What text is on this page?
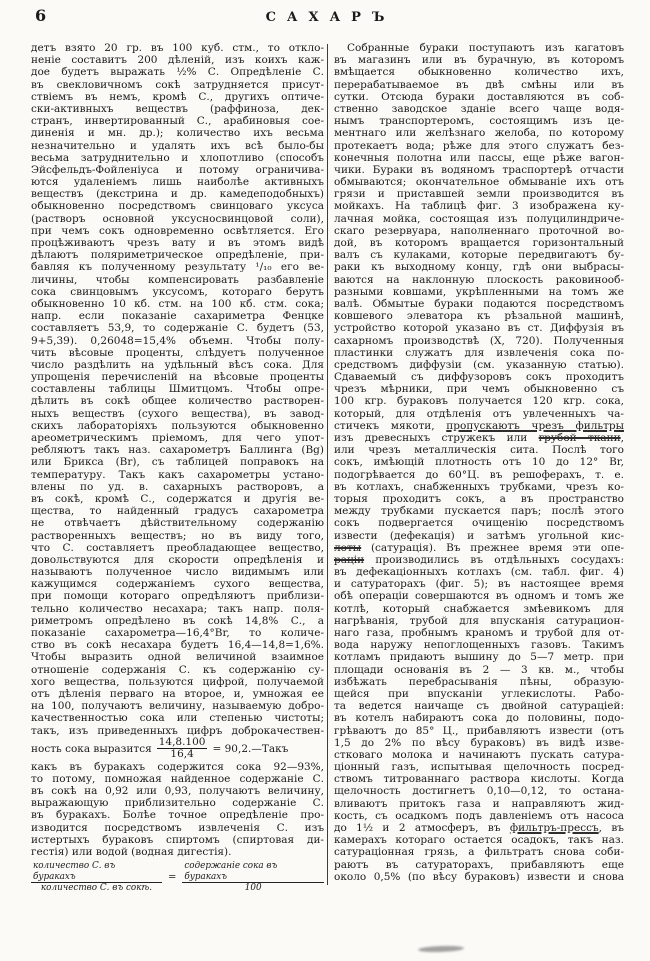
6	САХАРЪ
детъ взято 20 гр. въ 100 куб. стм., то откло-
неніе составитъ 200 дѣленій, изъ коихъ каж-
дое будетъ выражать ½% С. Опредѣленіе С.
въ свекловичномъ сокѣ затрудняется присут-
ствіемъ въ немъ, кромѣ С., другихъ оптиче-
ски-активныхъ веществъ (раффиноза, дек-
странъ, инвертированный С., арабиновыя сое-
диненія и мн. др.); количество ихъ весьма
незначительно и удалять ихъ всѣ было-бы
весьма затруднительно и хлопотливо (способъ
Эйсфельдъ-Фойленіуса и потому ограничива-
ются удаленіемъ лишь наиболѣе активныхъ
веществъ (декстрина и др. камедеподобныхъ)
обыкновенно посредствомъ свинцоваго уксуса
(растворъ основной уксусносвинцовой соли),
при чемъ сокъ одновременно освѣтляется. Его
процѣживаютъ чрезъ вату и въ этомъ видѣ
дѣлаютъ поляриметрическое опредѣленіе, при-
бавляя къ полученному результату ¹/₁₀ его ве-
личины, чтобы компенсировать разбавленіе
сока свинцовымъ уксусомъ, котораго берутъ
обыкновенно 10 кб. стм. на 100 кб. стм. сока;
напр. если показаніе сахариметра Фенцке
составляетъ 53,9, то содержаніе С. будетъ (53,
9+5,39). 0,26048=15,4% объемн. Чтобы полу-
чить вѣсовые проценты, слѣдуетъ полученное
число раздѣлить на удѣльный вѣсъ сока. Для
упрощенія перечисленій на вѣсовые проценты
составлены таблицы Шмитцомъ. Чтобы опре-
дѣлить въ сокѣ общее количество растворен-
ныхъ веществъ (сухого вещества), въ завод-
скихъ лабораторіяхъ пользуются обыкновенно
ареометрическимъ пріемомъ, для чего упот-
ребляютъ такъ наз. сахарометръ Баллинга (Bg)
или Брикса (Br), съ таблицей поправокъ на
температуру. Такъ какъ сахарометры устано-
влены по уд. в. сахарныхъ растворовъ, а
въ сокѣ, кромѣ С., содержатся и другія ве-
щества, то найденный градусъ сахарометра
не отвѣчаетъ дѣйствительному содержанію
растворенныхъ веществъ; но въ виду того,
что С. составляетъ преобладающее вещество,
довольствуются для скорости опредѣленія и
называютъ полученное число видимымъ или
кажущимся содержаніемъ сухого вещества,
при помощи котораго опредѣляютъ приблизи-
тельно количество несахара; такъ напр. поля-
риметромъ опредѣлено въ сокѣ 14,8% С., а
показаніе сахарометра—16,4°Br, то количе-
ство въ сокѣ несахара будетъ 16,4—14,8=1,6%.
Чтобы выразить одной величиной взаимное
отношеніе содержанія С. къ содержанію су-
хого вещества, пользуются цифрой, получаемой
отъ дѣленія перваго на второе, и, умножая ее
на 100, получаютъ величину, называемую добро-
качественностью сока или степенью чистоты;
такъ, изъ приведенныхъ цифръ доброкачествен-
ность сока выразится $\frac{14,8.100}{16,4}$ = 90,2.—Такъ
какъ въ буракахъ содержится сока 92—93%,
то потому, помножая найденное содержаніе С.
въ сокѣ на 0,92 или 0,93, получаютъ величину,
выражающую приблизительно содержаніе С.
въ буракахъ. Болѣе точное опредѣленіе про-
изводится посредствомъ извлеченія С. изъ
истертыхъ бураковъ спиртомъ (спиртовая ди-
гестія) или водой (водная дигестія).
$\frac{\text{количество С. въ буракахъ}}{\text{количество С. въ сокѣ.}} = \frac{\text{содержаніе сока въ буракахъ}}{100}$
Собранные бураки поступаютъ изъ кагатовъ
въ магазинъ или въ бурачную, въ которомъ
вмѣщается обыкновенно количество ихъ,
перерабатываемое въ двѣ смѣны или въ
сутки. Отсюда бураки доставляются въ соб-
ственно заводское зданіе всего чаще водя-
нымъ транспортеромъ, состоящимъ изъ це-
ментнаго или желѣзнаго желоба, по которому
протекаетъ вода; рѣже для этого служатъ без-
конечныя полотна или пассы, еще рѣже вагон-
чики. Бураки въ водяномъ траспортерѣ отчасти
обмываются; окончательное обмываніе ихъ отъ
грязи и приставшей земли производится въ
мойкахъ. На таблицѣ фиг. 3 изображена ку-
лачная мойка, состоящая изъ полуцилиндриче-
скаго резервуара, наполненнаго проточной во-
дой, въ которомъ вращается горизонтальный
валъ съ кулаками, которые передвигаютъ бу-
раки къ выходному концу, гдѣ они выбрасы-
ваются на наклонную плоскость раковинооб-
разными ковшами, укрѣпленными на томъ же
валѣ. Обмытые бураки подаются посредствомъ
ковшевого элеватора къ рѣзальной машинѣ,
устройство которой указано въ ст. Диффузія въ
сахарномъ производствѣ (X, 720). Полученныя
пластинки служатъ для извлеченія сока по-
средствомъ диффузіи (см. указанную статью).
Сдаваемый съ диффузоровъ сокъ проходитъ
чрезъ мѣрники, при чемъ обыкновенно съ
100 кгр. бураковъ получается 120 кгр. сока,
который, для отдѣленія отъ увлеченныхъ ча-
стичекъ мякоти, пропускаютъ чрезъ фильтры
изъ древесныхъ стружекъ или грубой ткани,
или чрезъ металлическія сита. Послѣ того
сокъ, имѣющій плотность отъ 10 до 12° Br,
подогрѣвается до 60°Ц. въ решоферахъ, т. е.
въ котлахъ, снабженныхъ трубками, чрезъ ко-
торыя проходитъ сокъ, а въ пространство
между трубками пускается паръ; послѣ этого
сокъ подвергается очищенію посредствомъ
извести (дефекація) и затѣмъ угольной кис-
лоты (сатурація). Въ прежнее время эти опе-
раціи производились въ отдѣльныхъ сосудахъ:
въ дефекаціонныхъ котлахъ (см. табл. фиг. 4)
и сатураторахъ (фиг. 5); въ настоящее время
обѣ операціи совершаются въ одномъ и томъ же
котлѣ, который снабжается змѣевикомъ для
нагрѣванія, трубой для впусканія сатурацион-
наго газа, пробнымъ краномъ и трубой для от-
вода наружу непоглощенныхъ газовъ. Такимъ
котламъ придаютъ вышину до 5—7 метр. при
площади основанія въ 2 — 3 кв. м., чтобы
избѣжать перебрасыванія пѣны, образую-
щейся при впусканіи углекислоты. Рабо-
та ведется наичаще съ двойной сатураціей:
въ котелъ набираютъ сока до половины, подо-
грѣваютъ до 85° Ц., прибавляютъ извести (отъ
1,5 до 2% по вѣсу бураковъ) въ видѣ изве-
стковаго молока и начинаютъ пускать сатура-
ціонный газъ, испытывая щелочность посред-
ствомъ титрованнаго раствора кислоты. Когда
щелочность достигнетъ 0,10—0,12, то остана-
вливаютъ притокъ газа и направляютъ жид-
кость, съ осадкомъ подъ давленіемъ отъ насоса
до 1½ и 2 атмосферъ, въ фильтръ-прессъ, въ
камерахъ котораго остается осадокъ, такъ наз.
сатураціонная грязь, а фильтратъ снова соби-
раютъ въ сатураторахъ, прибавляютъ еще
около 0,5% (по вѣсу бураковъ) извести и снова
